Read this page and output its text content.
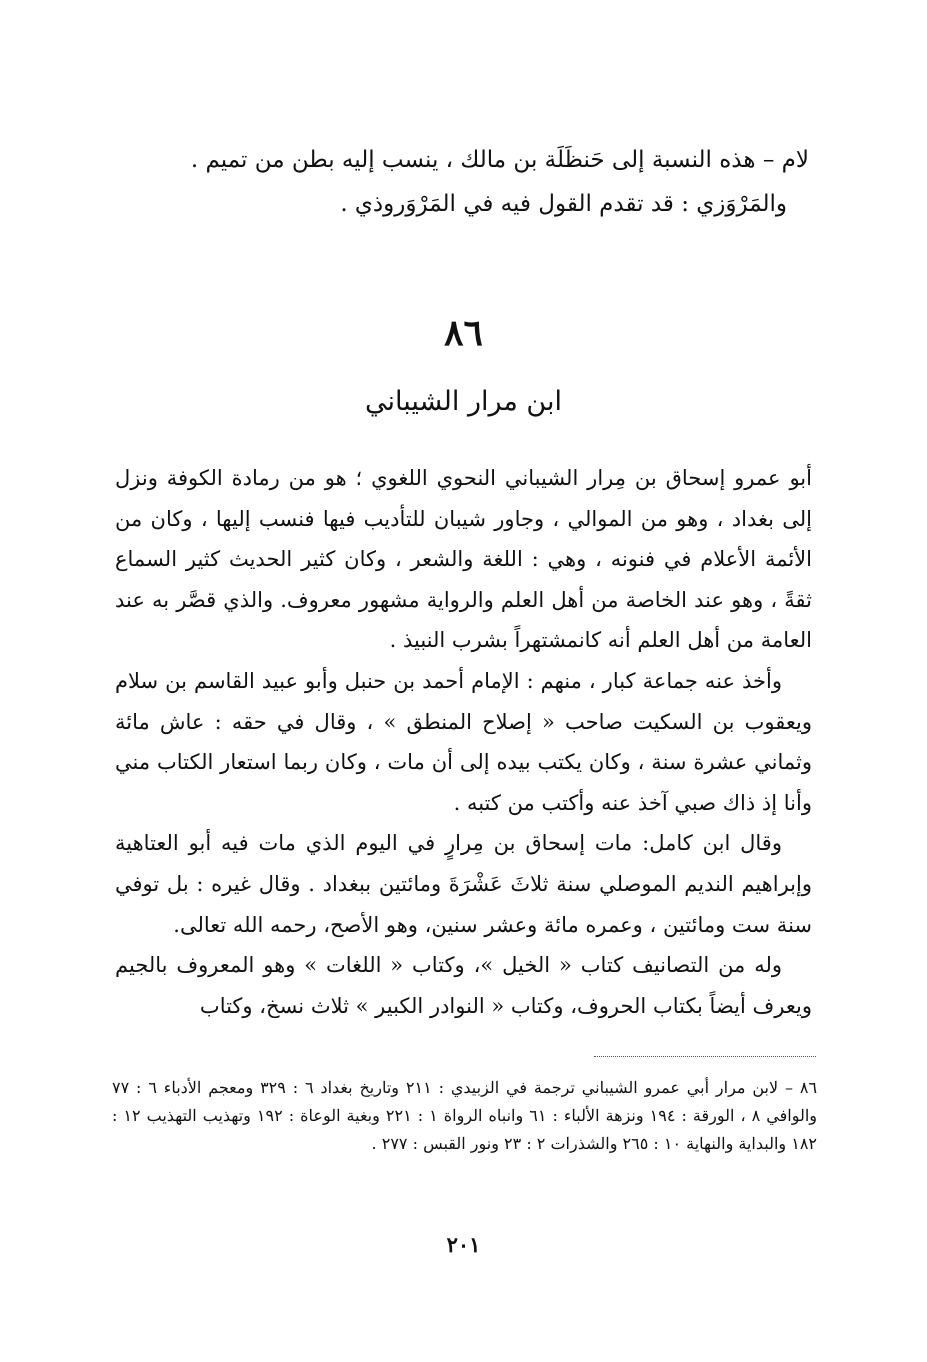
لام – هذه النسبة إلى حَنظَلَة بن مالك ، ينسب إليه بطن من تميم .
والمَرْوَزي : قد تقدم القول فيه في المَرْوَروذي .
٨٦
ابن مرار الشيباني

أبو عمرو إسحاق بن مِرار الشيباني النحوي اللغوي ؛ هو من رمادة الكوفة ونزل إلى بغداد ، وهو من الموالي ، وجاور شيبان للتأديب فيها فنسب إليها ، وكان من الأئمة الأعلام في فنونه ، وهي : اللغة والشعر ، وكان كثير الحديث كثير السماع ثقةً ، وهو عند الخاصة من أهل العلم والرواية مشهور معروف. والذي قصَّر به عند العامة من أهل العلم أنه كانمشتهراً بشرب النبيذ .

وأخذ عنه جماعة كبار ، منهم : الإمام أحمد بن حنبل وأبو عبيد القاسم بن سلام ويعقوب بن السكيت صاحب « إصلاح المنطق » ، وقال في حقه : عاش مائة وثماني عشرة سنة ، وكان يكتب بيده إلى أن مات ، وكان ربما استعار الكتاب مني وأنا إذ ذاك صبي آخذ عنه وأكتب من كتبه .

وقال ابن كامل: مات إسحاق بن مِرارٍ في اليوم الذي مات فيه أبو العتاهية وإبراهيم النديم الموصلي سنة ثلاثَ عَشْرَةَ ومائتين ببغداد . وقال غيره : بل توفي سنة ست ومائتين ، وعمره مائة وعشر سنين، وهو الأصح، رحمه الله تعالى.

وله من التصانيف كتاب « الخيل »، وكتاب « اللغات » وهو المعروف بالجيم ويعرف أيضاً بكتاب الحروف، وكتاب « النوادر الكبير » ثلاث نسخ، وكتاب

٨٦ – لابن مرار أبي عمرو الشيباني ترجمة في الزبيدي : ٢١١ وتاريخ بغداد ٦ : ٣٢٩ ومعجم الأدباء ٦ : ٧٧ والوافي ٨ ، الورقة : ١٩٤ ونزهة الألباء : ٦١ وانباه الرواة ١ : ٢٢١ وبغية الوعاة : ١٩٢ وتهذيب التهذيب ١٢ : ١٨٢ والبداية والنهاية ١٠ : ٢٦٥ والشذرات ٢ : ٢٣ ونور القبس : ٢٧٧ .
٢٠١
